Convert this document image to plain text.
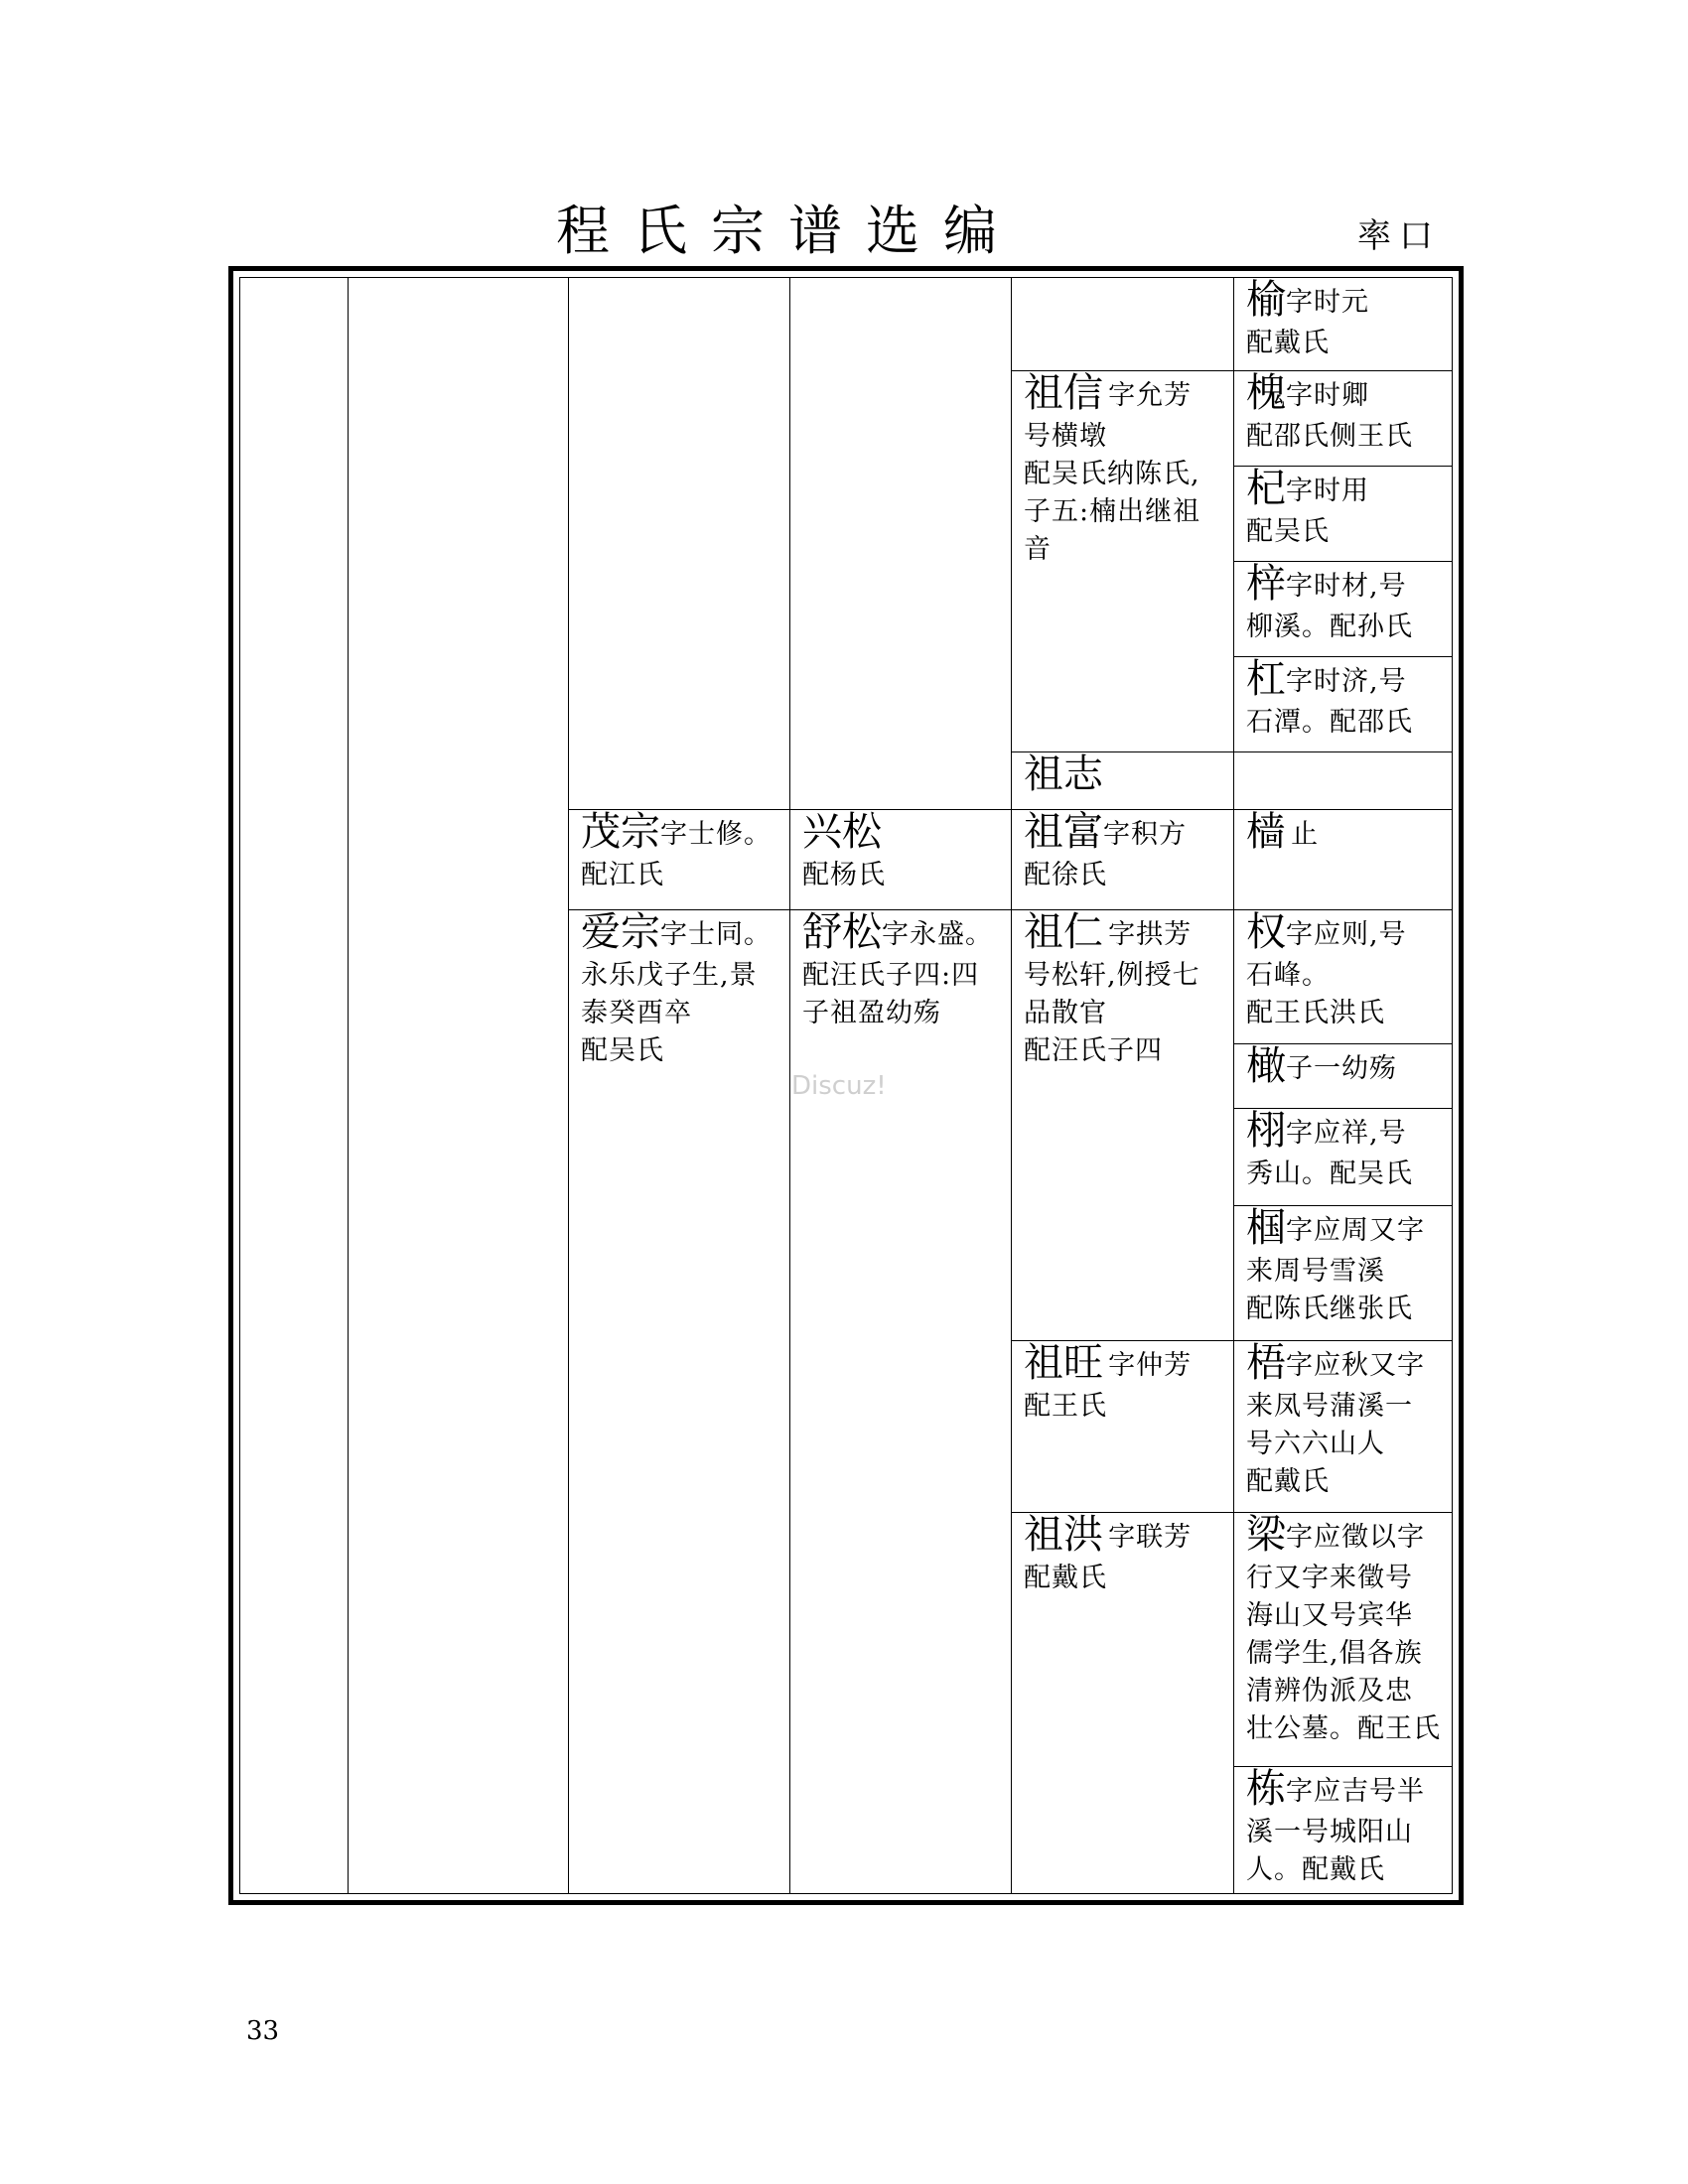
程氏宗谱选编	率口
茂宗字士修。
配江氏
爱宗字士同。
永乐戊子生,景
泰癸酉卒
配吴氏
兴松
配杨氏
舒松字永盛。
配汪氏子四:四
子祖盈幼殇
祖信 字允芳
号横墩
配吴氏纳陈氏,
子五:楠出继祖
音
祖志
祖富字积方
配徐氏
祖仁 字拱芳
号松轩,例授七
品散官
配汪氏子四
祖旺 字仲芳
配王氏
祖洪 字联芳
配戴氏
榆字时元
配戴氏
槐字时卿
配邵氏侧王氏
杞字时用
配吴氏
梓字时材,号
柳溪。配孙氏
杠字时济,号
石潭。配邵氏
樯 止
权字应则,号
石峰。
配王氏洪氏
橄子一幼殇
栩字应祥,号
秀山。配吴氏
椢字应周又字
来周号雪溪
配陈氏继张氏
梧字应秋又字
来凤号蒲溪一
号六六山人
配戴氏
梁字应徵以字
行又字来徵号
海山又号宾华
儒学生,倡各族
清辨伪派及忠
壮公墓。配王氏
栋字应吉号半
溪一号城阳山
人。配戴氏
Discuz!
33
